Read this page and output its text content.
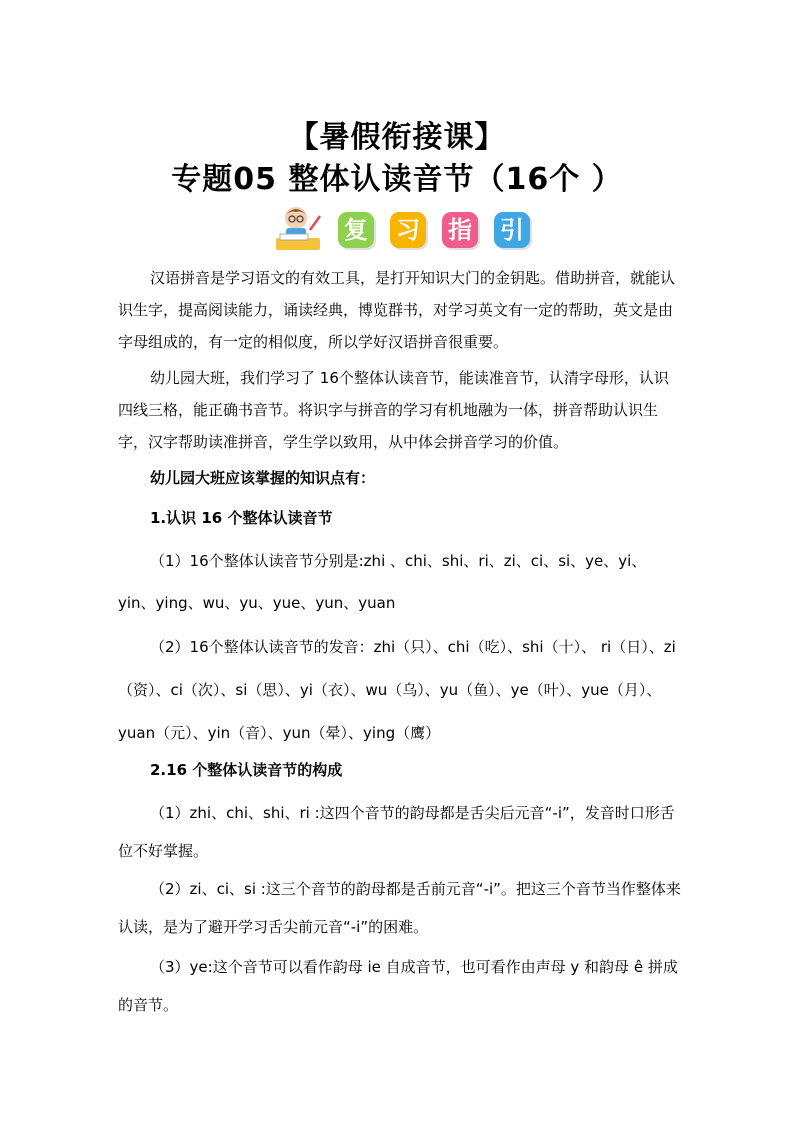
【暑假衔接课】
专题05 整体认读音节（16个 ）
复 习 指 引

汉语拼音是学习语文的有效工具，是打开知识大门的金钥匙。借助拼音，就能认识生字，提高阅读能力，诵读经典，博览群书，对学习英文有一定的帮助，英文是由字母组成的，有一定的相似度，所以学好汉语拼音很重要。

幼儿园大班，我们学习了 16个整体认读音节，能读准音节，认清字母形，认识四线三格，能正确书音节。将识字与拼音的学习有机地融为一体，拼音帮助认识生字，汉字帮助读准拼音，学生学以致用，从中体会拼音学习的价值。

幼儿园大班应该掌握的知识点有：

1.认识 16 个整体认读音节

（1）16个整体认读音节分别是:zhi 、chi、shi、ri、zi、ci、si、ye、yi、yin、ying、wu、yu、yue、yun、yuan

（2）16个整体认读音节的发音：zhi（只）、chi（吃）、shi（十）、 ri（日）、zi（资）、ci（次）、si（思）、yi（衣）、wu（乌）、yu（鱼）、ye（叶）、yue（月）、yuan（元）、yin（音）、yun（晕）、ying（鹰）

2.16 个整体认读音节的构成

（1）zhi、chi、shi、ri :这四个音节的韵母都是舌尖后元音“-i”，发音时口形舌位不好掌握。

（2）zi、ci、si :这三个音节的韵母都是舌前元音“-i”。把这三个音节当作整体来认读，是为了避开学习舌尖前元音“-i”的困难。

（3）ye:这个音节可以看作韵母 ie 自成音节，也可看作由声母 y 和韵母 ê 拼成的音节。
